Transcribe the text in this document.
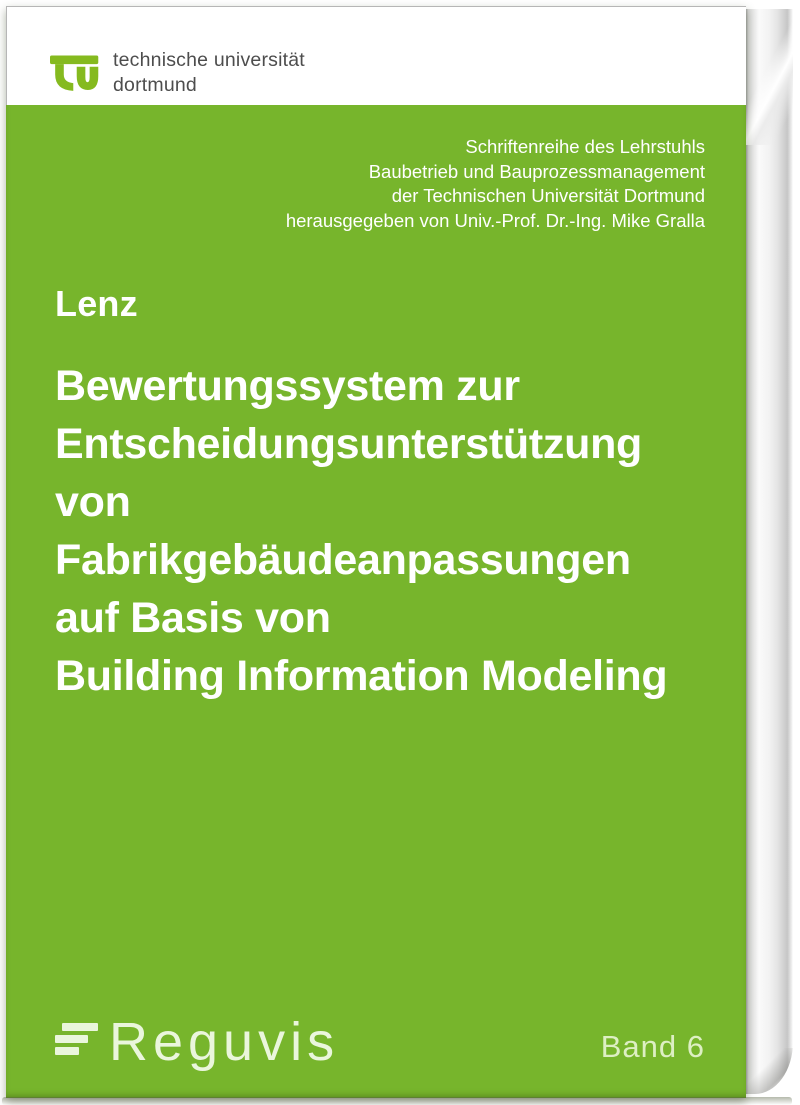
technische universität
dortmund
Schriftenreihe des Lehrstuhls
Baubetrieb und Bauprozessmanagement
der Technischen Universität Dortmund
herausgegeben von Univ.-Prof. Dr.-Ing. Mike Gralla
Lenz
Bewertungssystem zur
Entscheidungsunterstützung
von Fabrikgebäudeanpassungen
auf Basis von
Building Information Modeling
Reguvis	Band 6
